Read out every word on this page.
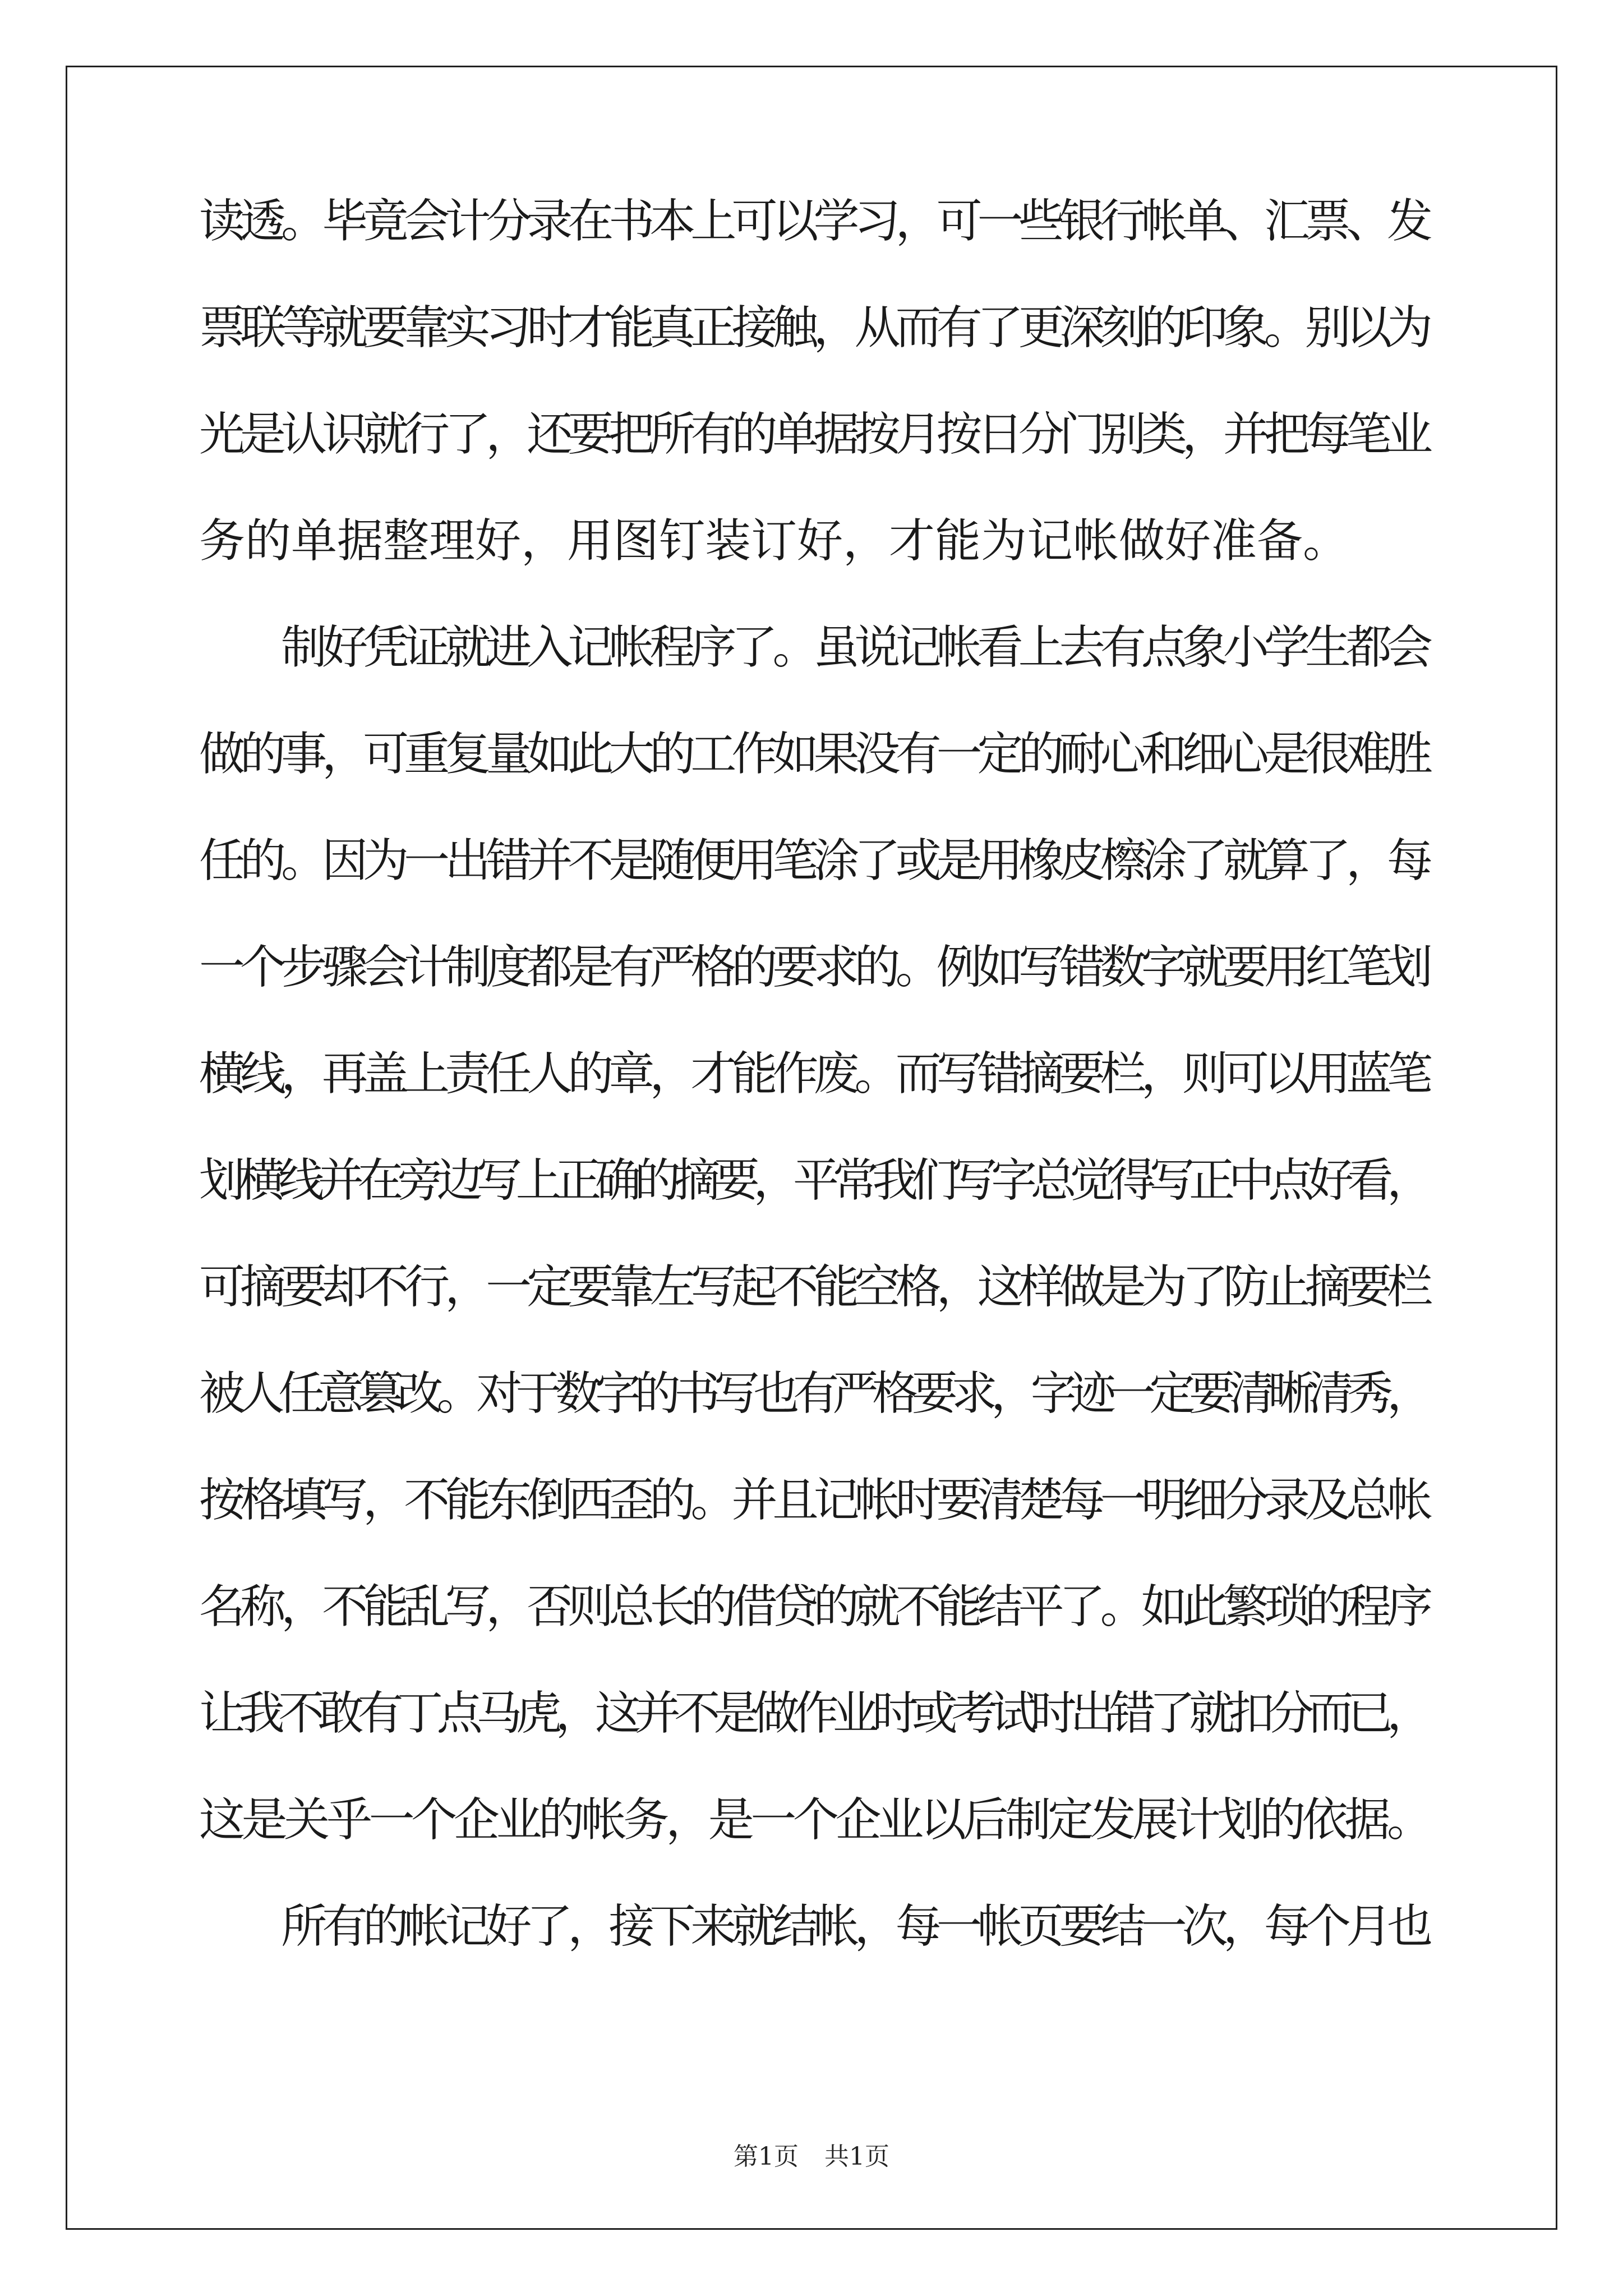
读透。毕竟会计分录在书本上可以学习，可一些银行帐单、汇票、发
票联等就要靠实习时才能真正接触，从而有了更深刻的印象。别以为
光是认识就行了，还要把所有的单据按月按日分门别类，并把每笔业
务的单据整理好，用图钉装订好，才能为记帐做好准备。
　　制好凭证就进入记帐程序了。虽说记帐看上去有点象小学生都会
做的事，可重复量如此大的工作如果没有一定的耐心和细心是很难胜
任的。因为一出错并不是随便用笔涂了或是用橡皮檫涂了就算了，每
一个步骤会计制度都是有严格的要求的。例如写错数字就要用红笔划
横线，再盖上责任人的章，才能作废。而写错摘要栏，则可以用蓝笔
划横线并在旁边写上正确的摘要，平常我们写字总觉得写正中点好看，
可摘要却不行，一定要靠左写起不能空格，这样做是为了防止摘要栏
被人任意篡改。对于数字的书写也有严格要求，字迹一定要清晰清秀，
按格填写，不能东倒西歪的。并且记帐时要清楚每一明细分录及总帐
名称，不能乱写，否则总长的借贷的就不能结平了。如此繁琐的程序
让我不敢有丁点马虎，这并不是做作业时或考试时出错了就扣分而已，
这是关乎一个企业的帐务，是一个企业以后制定发展计划的依据。
　　所有的帐记好了，接下来就结帐，每一帐页要结一次，每个月也
第1页 共1页
